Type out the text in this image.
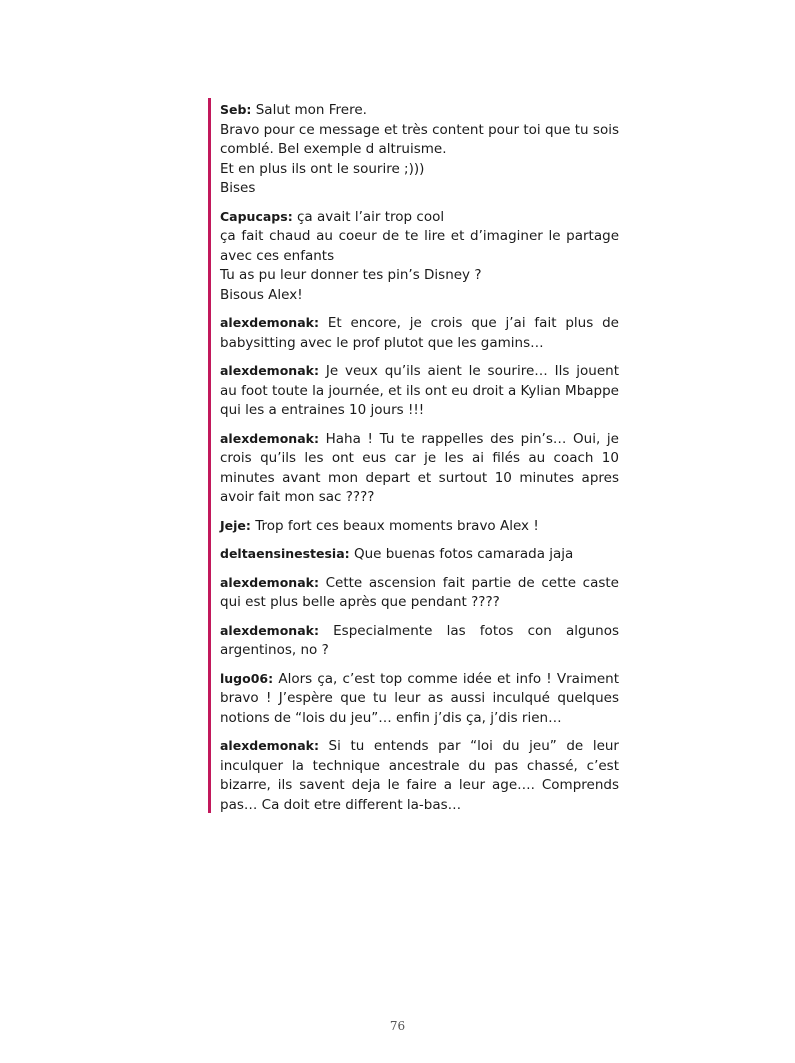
Seb: Salut mon Frere.
Bravo pour ce message et très content pour toi que tu sois comblé. Bel exemple d altruisme.
Et en plus ils ont le sourire ;)))
Bises
Capucaps: ça avait l’air trop cool
ça fait chaud au coeur de te lire et d’imaginer le partage avec ces enfants
Tu as pu leur donner tes pin’s Disney ?
Bisous Alex!
alexdemonak: Et encore, je crois que j’ai fait plus de babysitting avec le prof plutot que les gamins…
alexdemonak: Je veux qu’ils aient le sourire… Ils jouent au foot toute la journée, et ils ont eu droit a Kylian Mbappe qui les a entraines 10 jours !!!
alexdemonak: Haha ! Tu te rappelles des pin’s… Oui, je crois qu’ils les ont eus car je les ai filés au coach 10 minutes avant mon depart et surtout 10 minutes apres avoir fait mon sac ????
Jeje: Trop fort ces beaux moments bravo Alex !
deltaensinestesia: Que buenas fotos camarada jaja
alexdemonak: Cette ascension fait partie de cette caste qui est plus belle après que pendant ????
alexdemonak: Especialmente las fotos con algunos argentinos, no ?
lugo06: Alors ça, c’est top comme idée et info ! Vraiment bravo ! J’espère que tu leur as aussi inculqué quelques notions de “lois du jeu”… enfin j’dis ça, j’dis rien…
alexdemonak: Si tu entends par “loi du jeu” de leur inculquer la technique ancestrale du pas chassé, c’est bizarre, ils savent deja le faire a leur age…. Comprends pas… Ca doit etre different la-bas…
76
